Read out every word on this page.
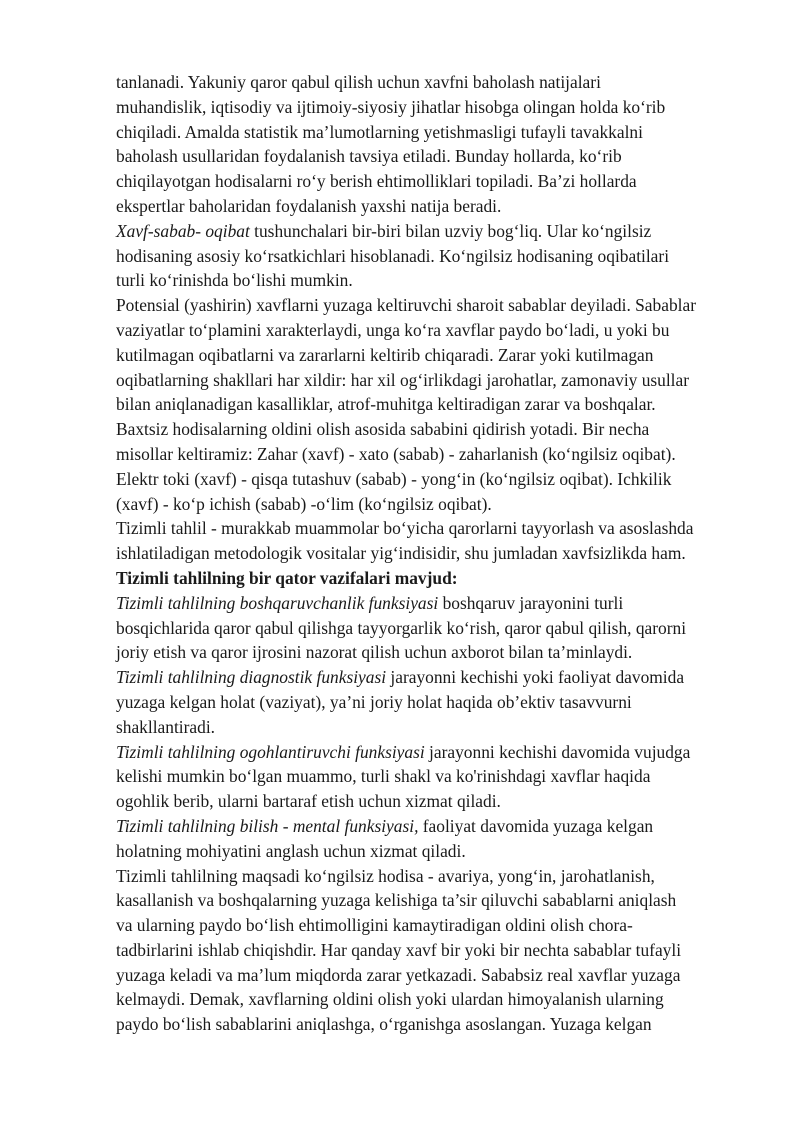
tanlanadi. Yakuniy qaror qabul qilish uchun xavfni baholash natijalari
muhandislik, iqtisodiy va ijtimoiy-siyosiy jihatlar hisobga olingan holda ko‘rib
chiqiladi. Amalda statistik ma’lumotlarning yetishmasligi tufayli tavakkalni
baholash usullaridan foydalanish tavsiya etiladi. Bunday hollarda, ko‘rib
chiqilayotgan hodisalarni ro‘y berish ehtimolliklari topiladi. Ba’zi hollarda
ekspertlar baholaridan foydalanish yaxshi natija beradi.
Xavf-sabab- oqibat tushunchalari bir-biri bilan uzviy bog‘liq. Ular ko‘ngilsiz
hodisaning asosiy ko‘rsatkichlari hisoblanadi. Ko‘ngilsiz hodisaning oqibatilari
turli ko‘rinishda bo‘lishi mumkin.
Potensial (yashirin) xavflarni yuzaga keltiruvchi sharoit sabablar deyiladi. Sabablar
vaziyatlar to‘plamini xarakterlaydi, unga ko‘ra xavflar paydo bo‘ladi, u yoki bu
kutilmagan oqibatlarni va zararlarni keltirib chiqaradi. Zarar yoki kutilmagan
oqibatlarning shakllari har xildir: har xil og‘irlikdagi jarohatlar, zamonaviy usullar
bilan aniqlanadigan kasalliklar, atrof-muhitga keltiradigan zarar va boshqalar.
Baxtsiz hodisalarning oldini olish asosida sababini qidirish yotadi. Bir necha
misollar keltiramiz: Zahar (xavf) - xato (sabab) - zaharlanish (ko‘ngilsiz oqibat).
Elektr toki (xavf) - qisqa tutashuv (sabab) - yong‘in (ko‘ngilsiz oqibat). Ichkilik
(xavf) - ko‘p ichish (sabab) -o‘lim (ko‘ngilsiz oqibat).
Tizimli tahlil - murakkab muammolar bo‘yicha qarorlarni tayyorlash va asoslashda
ishlatiladigan metodologik vositalar yig‘indisidir, shu jumladan xavfsizlikda ham.
Tizimli tahlilning bir qator vazifalari mavjud:
Tizimli tahlilning boshqaruvchanlik funksiyasi boshqaruv jarayonini turli
bosqichlarida qaror qabul qilishga tayyorgarlik ko‘rish, qaror qabul qilish, qarorni
joriy etish va qaror ijrosini nazorat qilish uchun axborot bilan ta’minlaydi.
Tizimli tahlilning diagnostik funksiyasi jarayonni kechishi yoki faoliyat davomida
yuzaga kelgan holat (vaziyat), ya’ni joriy holat haqida ob’ektiv tasavvurni
shakllantiradi.
Tizimli tahlilning ogohlantiruvchi funksiyasi jarayonni kechishi davomida vujudga
kelishi mumkin bo‘lgan muammo, turli shakl va ko'rinishdagi xavflar haqida
ogohlik berib, ularni bartaraf etish uchun xizmat qiladi.
Tizimli tahlilning bilish - mental funksiyasi, faoliyat davomida yuzaga kelgan
holatning mohiyatini anglash uchun xizmat qiladi.
Tizimli tahlilning maqsadi ko‘ngilsiz hodisa - avariya, yong‘in, jarohatlanish,
kasallanish va boshqalarning yuzaga kelishiga ta’sir qiluvchi sabablarni aniqlash
va ularning paydo bo‘lish ehtimolligini kamaytiradigan oldini olish chora-
tadbirlarini ishlab chiqishdir. Har qanday xavf bir yoki bir nechta sabablar tufayli
yuzaga keladi va ma’lum miqdorda zarar yetkazadi. Sababsiz real xavflar yuzaga
kelmaydi. Demak, xavflarning oldini olish yoki ulardan himoyalanish ularning
paydo bo‘lish sabablarini aniqlashga, o‘rganishga asoslangan. Yuzaga kelgan
